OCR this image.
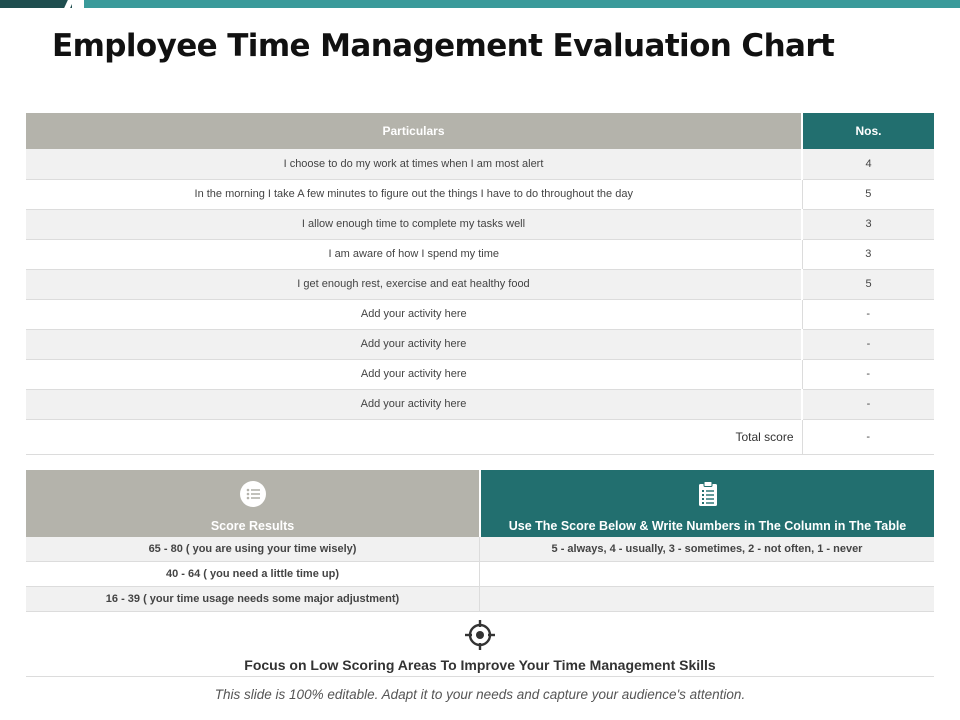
Employee Time Management Evaluation Chart
Particulars	Nos.
I choose to do my work at times when I am most alert	4
In the morning I take A few minutes to figure out the things I have to do throughout the day	5
I allow enough time to complete my tasks well	3
I am aware of how I spend my time	3
I get enough rest, exercise and eat healthy food	5
Add your activity here	-
Add your activity here	-
Add your activity here	-
Add your activity here	-
Total score	-
Score Results	Use The Score Below & Write Numbers in The Column in The Table
65 - 80 ( you are using your time wisely)	5 - always, 4 - usually, 3 - sometimes, 2 - not often, 1 - never
40 - 64 ( you need a little time up)
16 - 39 ( your time usage needs some major adjustment)
Focus on Low Scoring Areas To Improve Your Time Management Skills
This slide is 100% editable. Adapt it to your needs and capture your audience's attention.
